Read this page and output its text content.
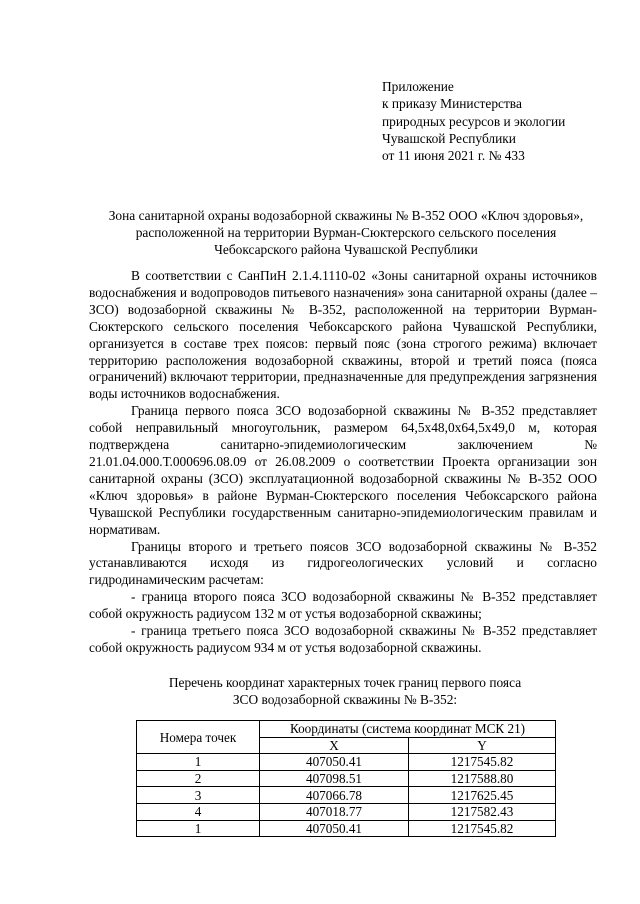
Приложение
к приказу Министерства
природных ресурсов и экологии
Чувашской Республики
от 11 июня 2021 г. № 433
Зона санитарной охраны водозаборной скважины № В-352 ООО «Ключ здоровья»,
расположенной на территории Вурман-Сюктерского сельского поселения
Чебоксарского района Чувашской Республики

В соответствии с СанПиН 2.1.4.1110-02 «Зоны санитарной охраны источников водоснабжения и водопроводов питьевого назначения» зона санитарной охраны (далее – ЗСО) водозаборной скважины № В-352, расположенной на территории Вурман-Сюктерского сельского поселения Чебоксарского района Чувашской Республики, организуется в составе трех поясов: первый пояс (зона строгого режима) включает территорию расположения водозаборной скважины, второй и третий пояса (пояса ограничений) включают территории, предназначенные для предупреждения загрязнения воды источников водоснабжения.

Граница первого пояса ЗСО водозаборной скважины № В-352 представляет собой неправильный многоугольник, размером 64,5х48,0х64,5х49,0 м, которая подтверждена санитарно-эпидемиологическим заключением № 21.01.04.000.Т.000696.08.09 от 26.08.2009 о соответствии Проекта организации зон санитарной охраны (ЗСО) эксплуатационной водозаборной скважины № В-352 ООО «Ключ здоровья» в районе Вурман-Сюктерского поселения Чебоксарского района Чувашской Республики государственным санитарно-эпидемиологическим правилам и нормативам.

Границы второго и третьего поясов ЗСО водозаборной скважины № В-352 устанавливаются исходя из гидрогеологических условий и согласно гидродинамическим расчетам:

- граница второго пояса ЗСО водозаборной скважины № В-352 представляет собой окружность радиусом 132 м от устья водозаборной скважины;

- граница третьего пояса ЗСО водозаборной скважины № В-352 представляет собой окружность радиусом 934 м от устья водозаборной скважины.

Перечень координат характерных точек границ первого пояса
ЗСО водозаборной скважины № В-352:
Номера точек	Координаты (система координат МСК 21)	
	X	Y
1	407050.41	1217545.82
2	407098.51	1217588.80
3	407066.78	1217625.45
4	407018.77	1217582.43
1	407050.41	1217545.82
